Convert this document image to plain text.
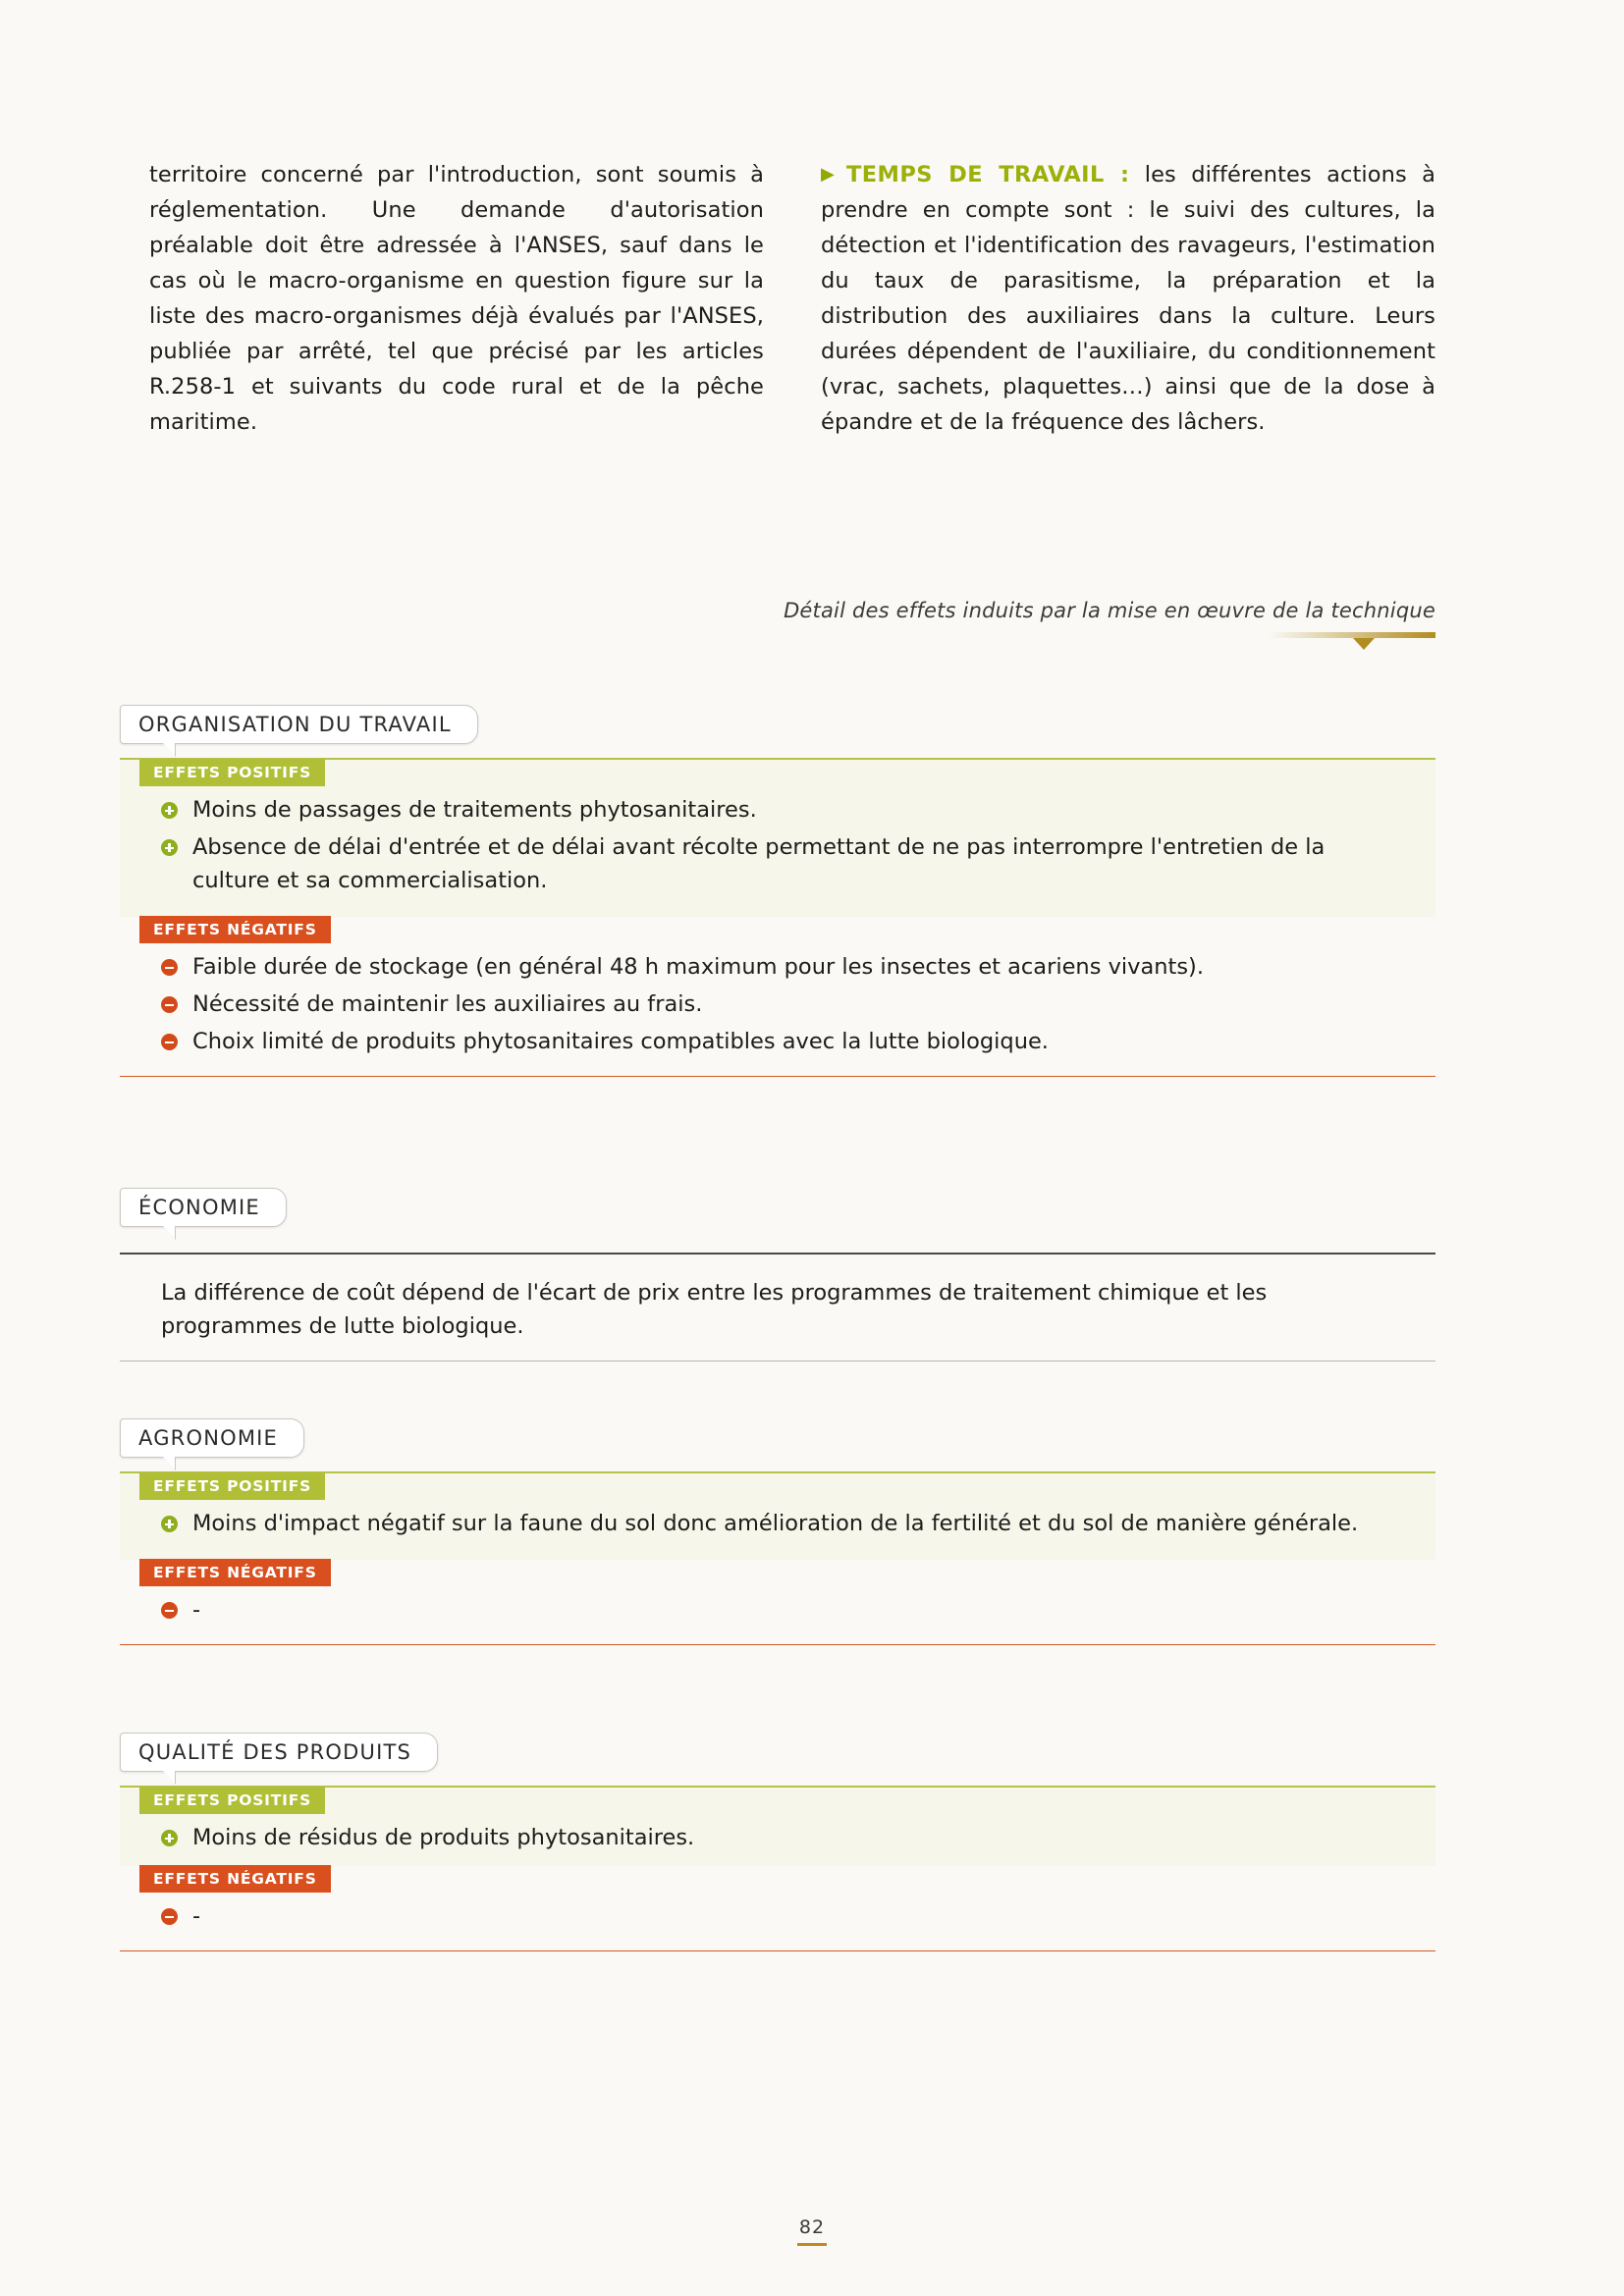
territoire concerné par l'introduction, sont soumis à réglementation. Une demande d'autorisation préalable doit être adressée à l'ANSES, sauf dans le cas où le macro-organisme en question figure sur la liste des macro-organismes déjà évalués par l'ANSES, publiée par arrêté, tel que précisé par les articles R.258-1 et suivants du code rural et de la pêche maritime.

▶ TEMPS DE TRAVAIL : les différentes actions à prendre en compte sont : le suivi des cultures, la détection et l'identification des ravageurs, l'estimation du taux de parasitisme, la préparation et la distribution des auxiliaires dans la culture. Leurs durées dépendent de l'auxiliaire, du conditionnement (vrac, sachets, plaquettes…) ainsi que de la dose à épandre et de la fréquence des lâchers.

Détail des effets induits par la mise en œuvre de la technique
ORGANISATION DU TRAVAIL
EFFETS POSITIFS
Moins de passages de traitements phytosanitaires.
Absence de délai d'entrée et de délai avant récolte permettant de ne pas interrompre l'entretien de la culture et sa commercialisation.
EFFETS NÉGATIFS
Faible durée de stockage (en général 48 h maximum pour les insectes et acariens vivants).
Nécessité de maintenir les auxiliaires au frais.
Choix limité de produits phytosanitaires compatibles avec la lutte biologique.
ÉCONOMIE

La différence de coût dépend de l'écart de prix entre les programmes de traitement chimique et les programmes de lutte biologique.

AGRONOMIE
EFFETS POSITIFS
Moins d'impact négatif sur la faune du sol donc amélioration de la fertilité et du sol de manière générale.
EFFETS NÉGATIFS
-
QUALITÉ DES PRODUITS
EFFETS POSITIFS
Moins de résidus de produits phytosanitaires.
EFFETS NÉGATIFS
-
82
